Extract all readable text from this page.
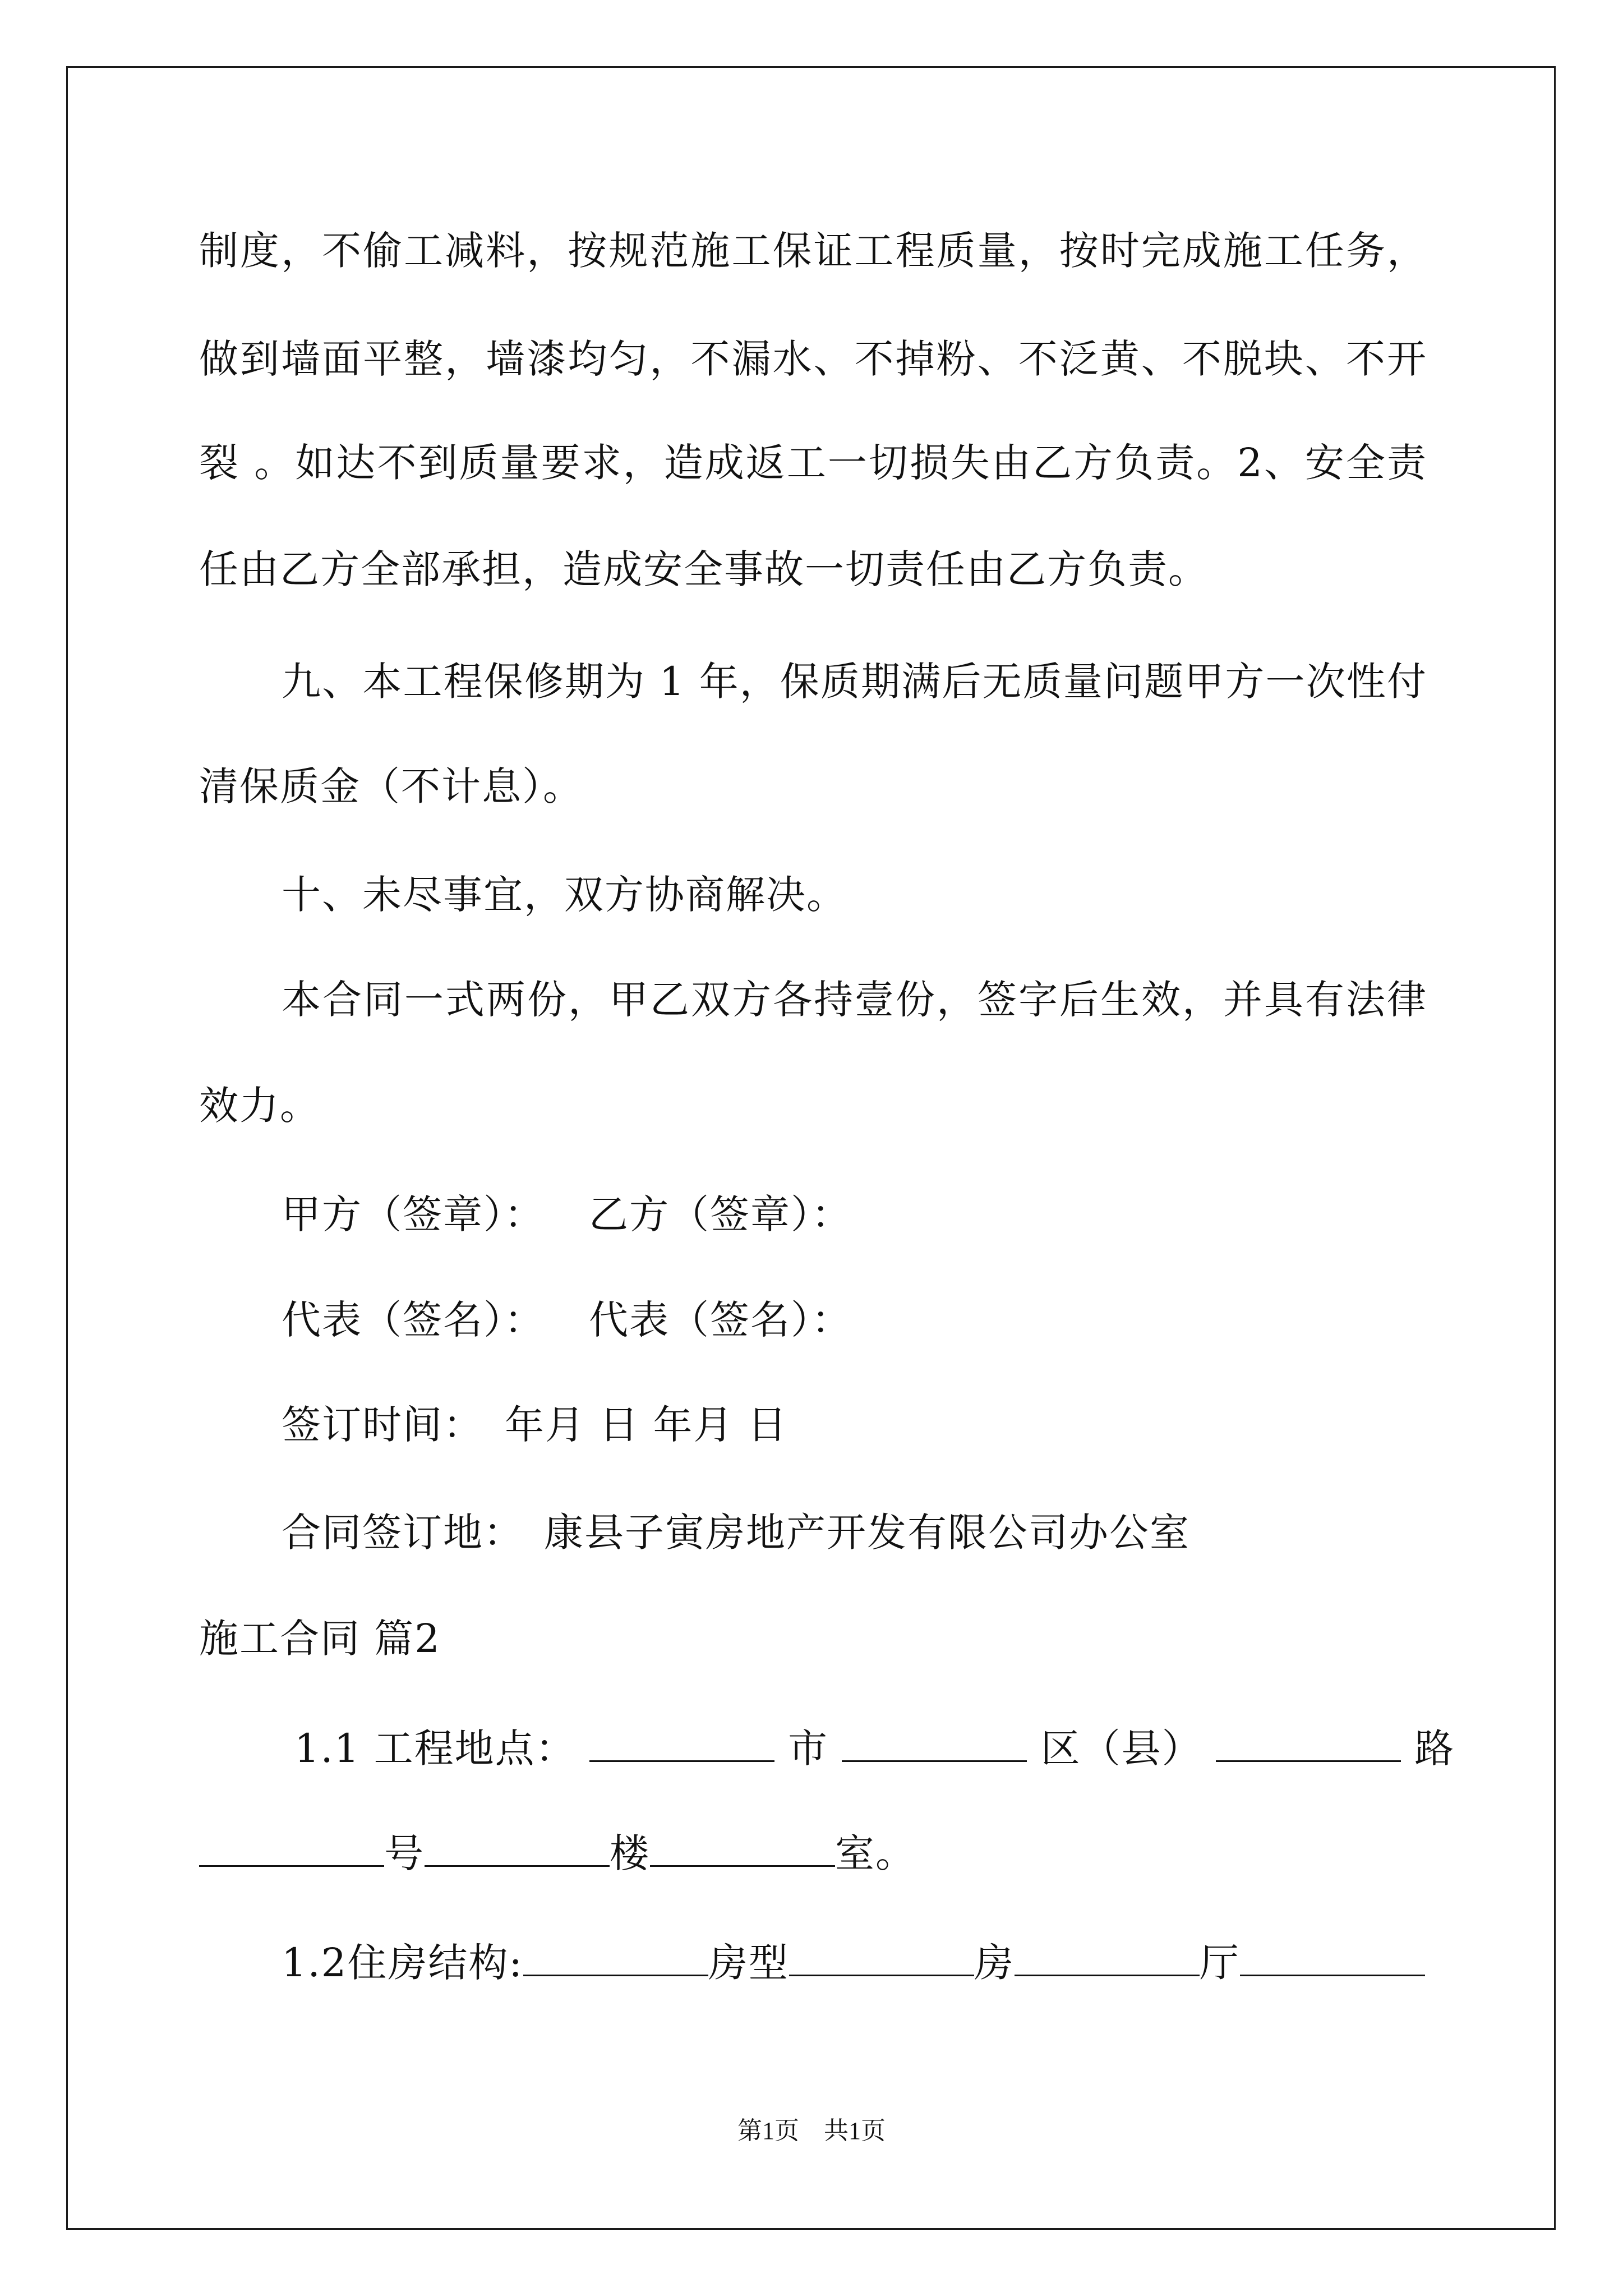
制度，不偷工减料，按规范施工保证工程质量，按时完成施工任务，
做到墙面平整，墙漆均匀，不漏水、不掉粉、不泛黄、不脱块、不开
裂 。如达不到质量要求，造成返工一切损失由乙方负责。2、安全责
任由乙方全部承担，造成安全事故一切责任由乙方负责。
九、本工程保修期为 1 年，保质期满后无质量问题甲方一次性付
清保质金（不计息）。
十、未尽事宜，双方协商解决。
本合同一式两份，甲乙双方各持壹份，签字后生效，并具有法律
效力。
甲方（签章）： 乙方（签章）：
代表（签名）： 代表（签名）：
签订时间： 年月 日 年月 日
合同签订地： 康县子寅房地产开发有限公司办公室
施工合同 篇2
1.1 工程地点：	市	区（县）	路
号	楼	室。
1.2住房结构:	房型	房	厅
第1页 共1页
